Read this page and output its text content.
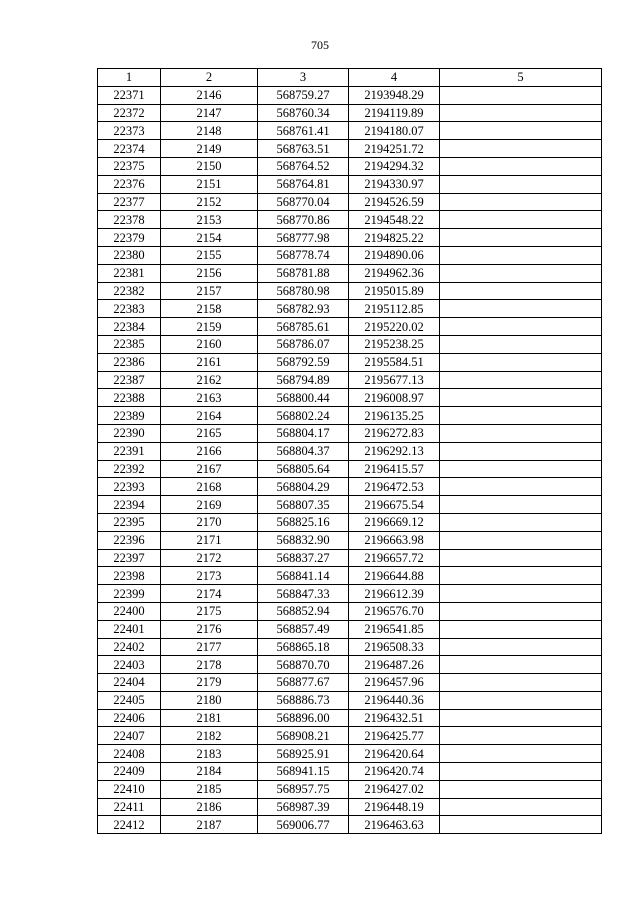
705
1	2	3	4	5
22371	2146	568759.27	2193948.29	
22372	2147	568760.34	2194119.89	
22373	2148	568761.41	2194180.07	
22374	2149	568763.51	2194251.72	
22375	2150	568764.52	2194294.32	
22376	2151	568764.81	2194330.97	
22377	2152	568770.04	2194526.59	
22378	2153	568770.86	2194548.22	
22379	2154	568777.98	2194825.22	
22380	2155	568778.74	2194890.06	
22381	2156	568781.88	2194962.36	
22382	2157	568780.98	2195015.89	
22383	2158	568782.93	2195112.85	
22384	2159	568785.61	2195220.02	
22385	2160	568786.07	2195238.25	
22386	2161	568792.59	2195584.51	
22387	2162	568794.89	2195677.13	
22388	2163	568800.44	2196008.97	
22389	2164	568802.24	2196135.25	
22390	2165	568804.17	2196272.83	
22391	2166	568804.37	2196292.13	
22392	2167	568805.64	2196415.57	
22393	2168	568804.29	2196472.53	
22394	2169	568807.35	2196675.54	
22395	2170	568825.16	2196669.12	
22396	2171	568832.90	2196663.98	
22397	2172	568837.27	2196657.72	
22398	2173	568841.14	2196644.88	
22399	2174	568847.33	2196612.39	
22400	2175	568852.94	2196576.70	
22401	2176	568857.49	2196541.85	
22402	2177	568865.18	2196508.33	
22403	2178	568870.70	2196487.26	
22404	2179	568877.67	2196457.96	
22405	2180	568886.73	2196440.36	
22406	2181	568896.00	2196432.51	
22407	2182	568908.21	2196425.77	
22408	2183	568925.91	2196420.64	
22409	2184	568941.15	2196420.74	
22410	2185	568957.75	2196427.02	
22411	2186	568987.39	2196448.19	
22412	2187	569006.77	2196463.63	
